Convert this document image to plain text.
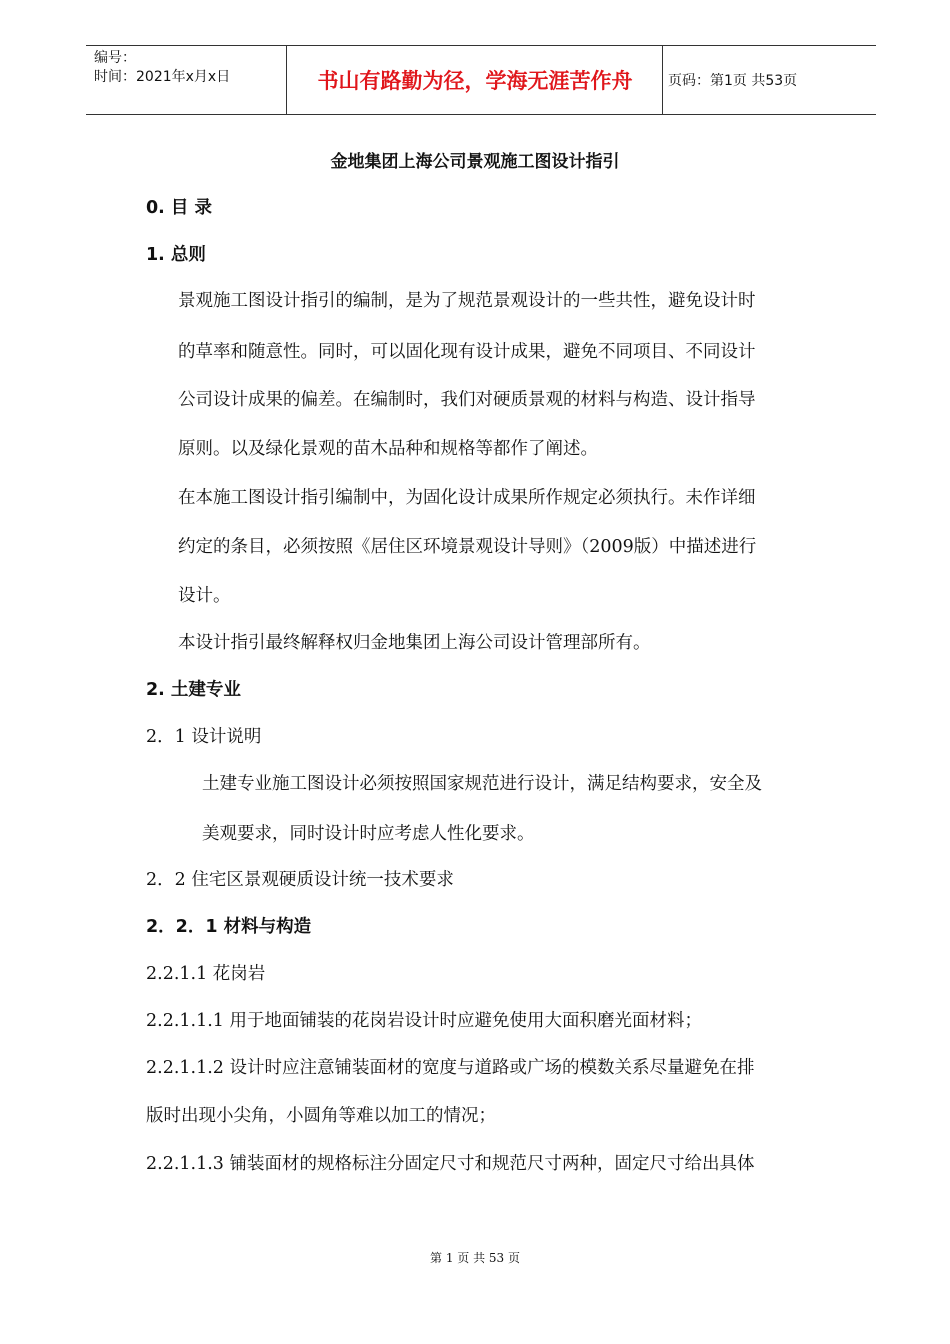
编号：
时间：2021年x月x日	书山有路勤为径，学海无涯苦作舟	页码：第1页 共53页
金地集团上海公司景观施工图设计指引
0. 目 录
1. 总则
景观施工图设计指引的编制，是为了规范景观设计的一些共性，避免设计时
的草率和随意性。同时，可以固化现有设计成果，避免不同项目、不同设计
公司设计成果的偏差。在编制时，我们对硬质景观的材料与构造、设计指导
原则。以及绿化景观的苗木品种和规格等都作了阐述。
在本施工图设计指引编制中，为固化设计成果所作规定必须执行。未作详细
约定的条目，必须按照《居住区环境景观设计导则》（2009版）中描述进行
设计。
本设计指引最终解释权归金地集团上海公司设计管理部所有。
2. 土建专业
2．1 设计说明
土建专业施工图设计必须按照国家规范进行设计，满足结构要求，安全及
美观要求，同时设计时应考虑人性化要求。
2．2 住宅区景观硬质设计统一技术要求
2．2．1 材料与构造
2.2.1.1 花岗岩
2.2.1.1.1 用于地面铺装的花岗岩设计时应避免使用大面积磨光面材料；
2.2.1.1.2 设计时应注意铺装面材的宽度与道路或广场的模数关系尽量避免在排
版时出现小尖角，小圆角等难以加工的情况；
2.2.1.1.3 铺装面材的规格标注分固定尺寸和规范尺寸两种，固定尺寸给出具体
第 1 页 共 53 页
